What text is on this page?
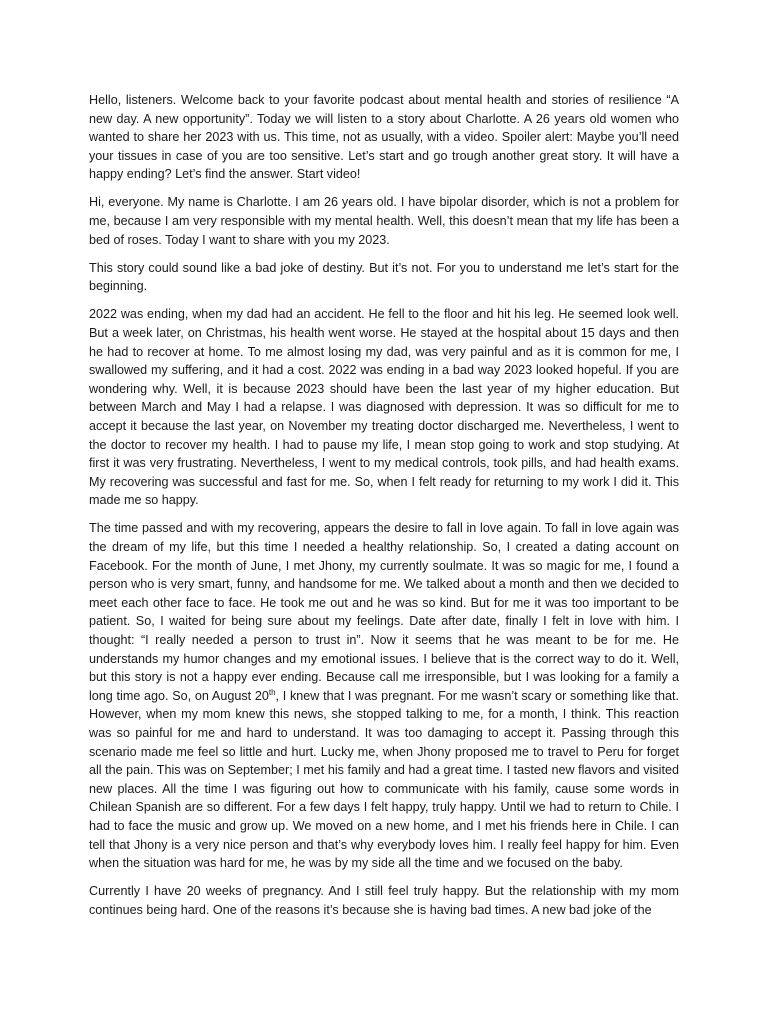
Hello, listeners. Welcome back to your favorite podcast about mental health and stories of resilience “A new day. A new opportunity”. Today we will listen to a story about Charlotte. A 26 years old women who wanted to share her 2023 with us. This time, not as usually, with a video. Spoiler alert: Maybe you’ll need your tissues in case of you are too sensitive. Let’s start and go trough another great story. It will have a happy ending? Let’s find the answer. Start video!

Hi, everyone. My name is Charlotte. I am 26 years old. I have bipolar disorder, which is not a problem for me, because I am very responsible with my mental health. Well, this doesn’t mean that my life has been a bed of roses. Today I want to share with you my 2023.

This story could sound like a bad joke of destiny. But it’s not. For you to understand me let’s start for the beginning.

2022 was ending, when my dad had an accident. He fell to the floor and hit his leg. He seemed look well. But a week later, on Christmas, his health went worse. He stayed at the hospital about 15 days and then he had to recover at home. To me almost losing my dad, was very painful and as it is common for me, I swallowed my suffering, and it had a cost. 2022 was ending in a bad way 2023 looked hopeful. If you are wondering why. Well, it is because 2023 should have been the last year of my higher education. But between March and May I had a relapse. I was diagnosed with depression. It was so difficult for me to accept it because the last year, on November my treating doctor discharged me. Nevertheless, I went to the doctor to recover my health. I had to pause my life, I mean stop going to work and stop studying. At first it was very frustrating. Nevertheless, I went to my medical controls, took pills, and had health exams. My recovering was successful and fast for me. So, when I felt ready for returning to my work I did it. This made me so happy.

The time passed and with my recovering, appears the desire to fall in love again. To fall in love again was the dream of my life, but this time I needed a healthy relationship. So, I created a dating account on Facebook. For the month of June, I met Jhony, my currently soulmate. It was so magic for me, I found a person who is very smart, funny, and handsome for me. We talked about a month and then we decided to meet each other face to face. He took me out and he was so kind. But for me it was too important to be patient. So, I waited for being sure about my feelings. Date after date, finally I felt in love with him. I thought: “I really needed a person to trust in”. Now it seems that he was meant to be for me. He understands my humor changes and my emotional issues. I believe that is the correct way to do it. Well, but this story is not a happy ever ending. Because call me irresponsible, but I was looking for a family a long time ago. So, on August 20th, I knew that I was pregnant. For me wasn’t scary or something like that. However, when my mom knew this news, she stopped talking to me, for a month, I think. This reaction was so painful for me and hard to understand. It was too damaging to accept it. Passing through this scenario made me feel so little and hurt. Lucky me, when Jhony proposed me to travel to Peru for forget all the pain. This was on September; I met his family and had a great time. I tasted new flavors and visited new places. All the time I was figuring out how to communicate with his family, cause some words in Chilean Spanish are so different. For a few days I felt happy, truly happy. Until we had to return to Chile. I had to face the music and grow up. We moved on a new home, and I met his friends here in Chile. I can tell that Jhony is a very nice person and that’s why everybody loves him. I really feel happy for him. Even when the situation was hard for me, he was by my side all the time and we focused on the baby.

Currently I have 20 weeks of pregnancy. And I still feel truly happy. But the relationship with my mom continues being hard. One of the reasons it’s because she is having bad times. A new bad joke of the
